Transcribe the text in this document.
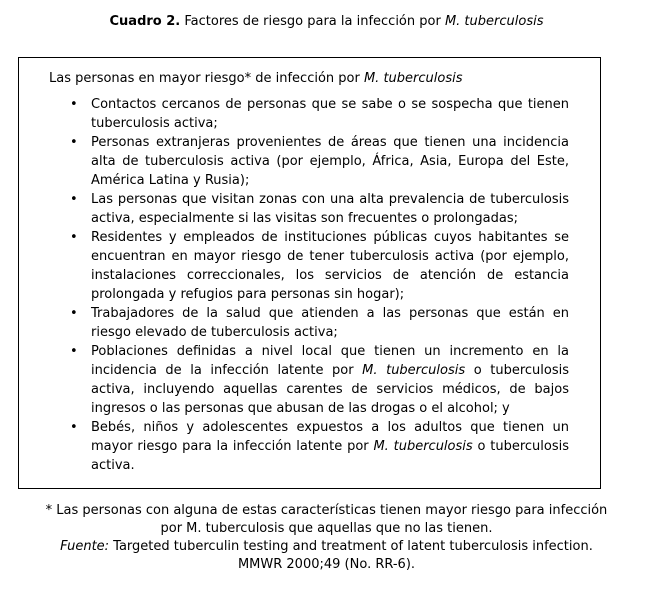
Cuadro 2. Factores de riesgo para la infección por M. tuberculosis
Las personas en mayor riesgo* de infección por M. tuberculosis
• Contactos cercanos de personas que se sabe o se sospecha que tienen tuberculosis activa;
• Personas extranjeras provenientes de áreas que tienen una incidencia alta de tuberculosis activa (por ejemplo, África, Asia, Europa del Este, América Latina y Rusia);
• Las personas que visitan zonas con una alta prevalencia de tuberculosis activa, especialmente si las visitas son frecuentes o prolongadas;
• Residentes y empleados de instituciones públicas cuyos habitantes se encuentran en mayor riesgo de tener tuberculosis activa (por ejemplo, instalaciones correccionales, los servicios de atención de estancia prolongada y refugios para personas sin hogar);
• Trabajadores de la salud que atienden a las personas que están en riesgo elevado de tuberculosis activa;
• Poblaciones definidas a nivel local que tienen un incremento en la incidencia de la infección latente por M. tuberculosis o tuberculosis activa, incluyendo aquellas carentes de servicios médicos, de bajos ingresos o las personas que abusan de las drogas o el alcohol; y
• Bebés, niños y adolescentes expuestos a los adultos que tienen un mayor riesgo para la infección latente por M. tuberculosis o tuberculosis activa.
* Las personas con alguna de estas características tienen mayor riesgo para infección por M. tuberculosis que aquellas que no las tienen.
Fuente: Targeted tuberculin testing and treatment of latent tuberculosis infection.
MMWR 2000;49 (No. RR-6).
